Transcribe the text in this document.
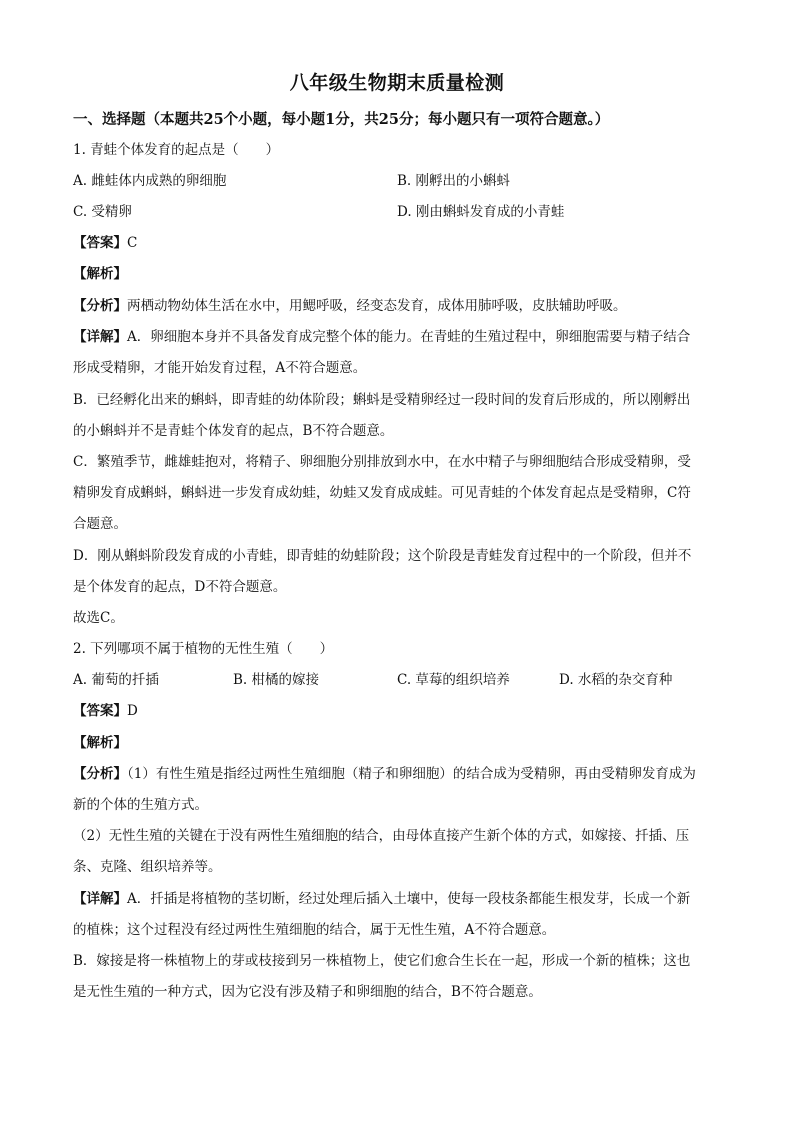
八年级生物期末质量检测
一、选择题（本题共25个小题，每小题1分，共25分；每小题只有一项符合题意。）
1. 青蛙个体发育的起点是（　　）
A. 雌蛙体内成熟的卵细胞	B. 刚孵出的小蝌蚪
C. 受精卵	D. 刚由蝌蚪发育成的小青蛙
【答案】C
【解析】
【分析】两栖动物幼体生活在水中，用鳃呼吸，经变态发育，成体用肺呼吸，皮肤辅助呼吸。
【详解】A．卵细胞本身并不具备发育成完整个体的能力。在青蛙的生殖过程中，卵细胞需要与精子结合
形成受精卵，才能开始发育过程，A不符合题意。
B．已经孵化出来的蝌蚪，即青蛙的幼体阶段；蝌蚪是受精卵经过一段时间的发育后形成的，所以刚孵出
的小蝌蚪并不是青蛙个体发育的起点，B不符合题意。
C．繁殖季节，雌雄蛙抱对，将精子、卵细胞分别排放到水中，在水中精子与卵细胞结合形成受精卵，受
精卵发育成蝌蚪，蝌蚪进一步发育成幼蛙，幼蛙又发育成成蛙。可见青蛙的个体发育起点是受精卵，C符
合题意。
D．刚从蝌蚪阶段发育成的小青蛙，即青蛙的幼蛙阶段；这个阶段是青蛙发育过程中的一个阶段，但并不
是个体发育的起点，D不符合题意。
故选C。
2. 下列哪项不属于植物的无性生殖（　　）
A. 葡萄的扦插	B. 柑橘的嫁接	C. 草莓的组织培养	D. 水稻的杂交育种
【答案】D
【解析】
【分析】（1）有性生殖是指经过两性生殖细胞（精子和卵细胞）的结合成为受精卵，再由受精卵发育成为
新的个体的生殖方式。
（2）无性生殖的关键在于没有两性生殖细胞的结合，由母体直接产生新个体的方式，如嫁接、扦插、压
条、克隆、组织培养等。
【详解】A．扦插是将植物的茎切断，经过处理后插入土壤中，使每一段枝条都能生根发芽，长成一个新
的植株；这个过程没有经过两性生殖细胞的结合，属于无性生殖，A不符合题意。
B．嫁接是将一株植物上的芽或枝接到另一株植物上，使它们愈合生长在一起，形成一个新的植株；这也
是无性生殖的一种方式，因为它没有涉及精子和卵细胞的结合，B不符合题意。
